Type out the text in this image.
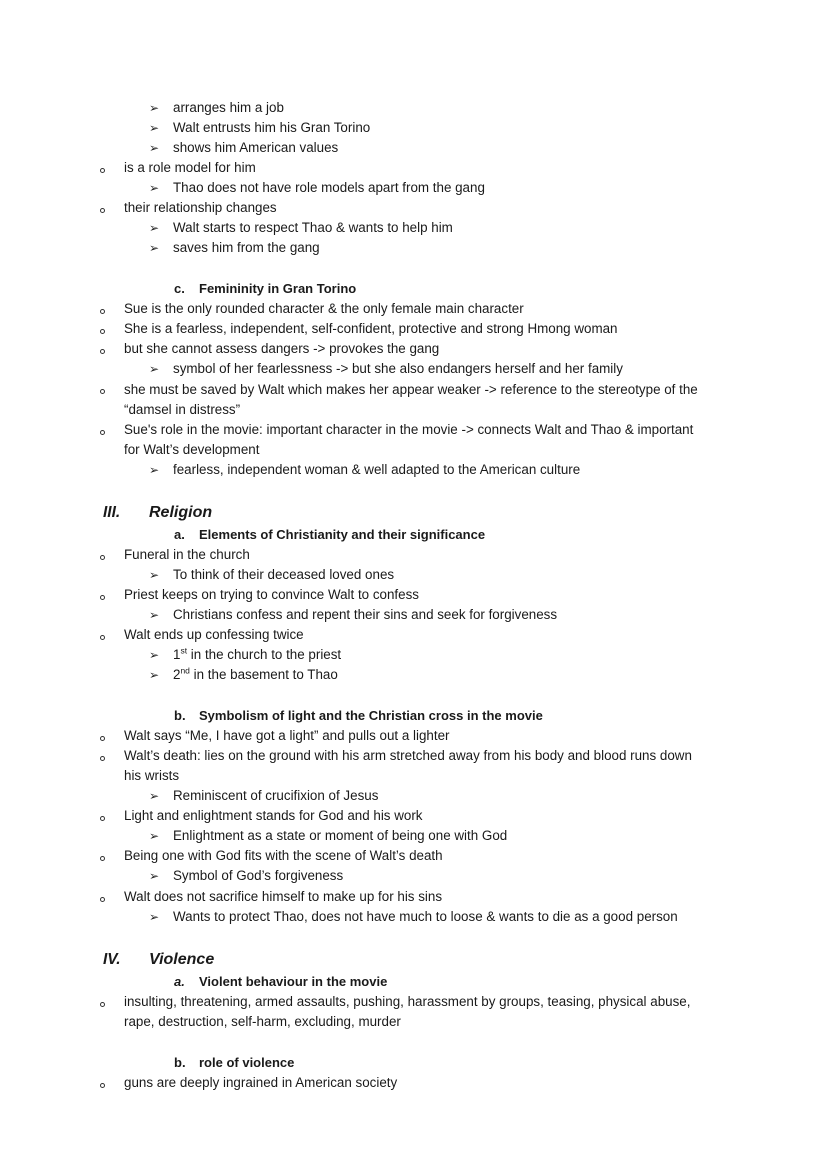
➢ arranges him a job
➢ Walt entrusts him his Gran Torino
➢ shows him American values
is a role model for him
➢ Thao does not have role models apart from the gang
their relationship changes
➢ Walt starts to respect Thao & wants to help him
➢ saves him from the gang
c. Femininity in Gran Torino
Sue is the only rounded character & the only female main character
She is a fearless, independent, self-confident, protective and strong Hmong woman
but she cannot assess dangers -> provokes the gang
➢ symbol of her fearlessness -> but she also endangers herself and her family
she must be saved by Walt which makes her appear weaker -> reference to the stereotype of the
“damsel in distress”
Sue's role in the movie: important character in the movie -> connects Walt and Thao & important
for Walt’s development
➢ fearless, independent woman & well adapted to the American culture
III. Religion
a. Elements of Christianity and their significance
Funeral in the church
➢ To think of their deceased loved ones
Priest keeps on trying to convince Walt to confess
➢ Christians confess and repent their sins and seek for forgiveness
Walt ends up confessing twice
➢ 1st in the church to the priest
➢ 2nd in the basement to Thao
b. Symbolism of light and the Christian cross in the movie
Walt says “Me, I have got a light” and pulls out a lighter
Walt’s death: lies on the ground with his arm stretched away from his body and blood runs down
his wrists
➢ Reminiscent of crucifixion of Jesus
Light and enlightment stands for God and his work
➢ Enlightment as a state or moment of being one with God
Being one with God fits with the scene of Walt’s death
➢ Symbol of God’s forgiveness
Walt does not sacrifice himself to make up for his sins
➢ Wants to protect Thao, does not have much to loose & wants to die as a good person
IV. Violence
a. Violent behaviour in the movie
insulting, threatening, armed assaults, pushing, harassment by groups, teasing, physical abuse,
rape, destruction, self-harm, excluding, murder
b. role of violence
guns are deeply ingrained in American society
